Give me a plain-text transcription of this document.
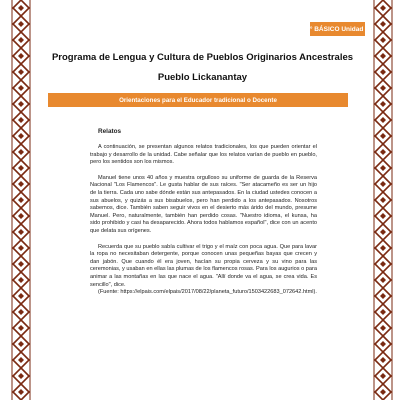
2° BÁSICO Unidad 4
Programa de Lengua y Cultura de Pueblos Originarios Ancestrales
Pueblo Lickanantay
Orientaciones para el Educador tradicional o Docente
Relatos

A continuación, se presentan algunos relatos tradicionales, los que pueden orientar el trabajo y desarrollo de la unidad. Cabe señalar que los relatos varían de pueblo en pueblo, pero los sentidos son los mismos.

Manuel tiene unos 40 años y muestra orgulloso su uniforme de guarda de la Reserva Nacional "Los Flamencos". Le gusta hablar de sus raíces. "Ser atacameño es ser un hijo de la tierra. Cada uno sabe dónde están sus antepasados. En la ciudad ustedes conocen a sus abuelos, y quizás a sus bisabuelos, pero han perdido a los antepasados. Nosotros sabemos, dice. También saben seguir vivos en el desierto más árido del mundo, presume Manuel. Pero, naturalmente, también han perdido cosas. "Nuestro idioma, el kunsa, ha sido prohibido y casi ha desaparecido. Ahora todos hablamos español", dice con un acento que delata sus orígenes.

Recuerda que su pueblo sabía cultivar el trigo y el maíz con poca agua. Que para lavar la ropa no necesitaban detergente, porque conocen unas pequeñas bayas que crecen y dan jabón. Que cuando él era joven, hacían su propia cerveza y su vino para las ceremonias, y usaban en ellas las plumas de los flamencos rosas. Para los augurios o para animar a las montañas en las que nace el agua. "Allí donde va el agua, se crea vida. Es sencillo", dice.

(Fuente: https://elpais.com/elpais/2017/08/22/planeta_futuro/1503422683_072642.html).
